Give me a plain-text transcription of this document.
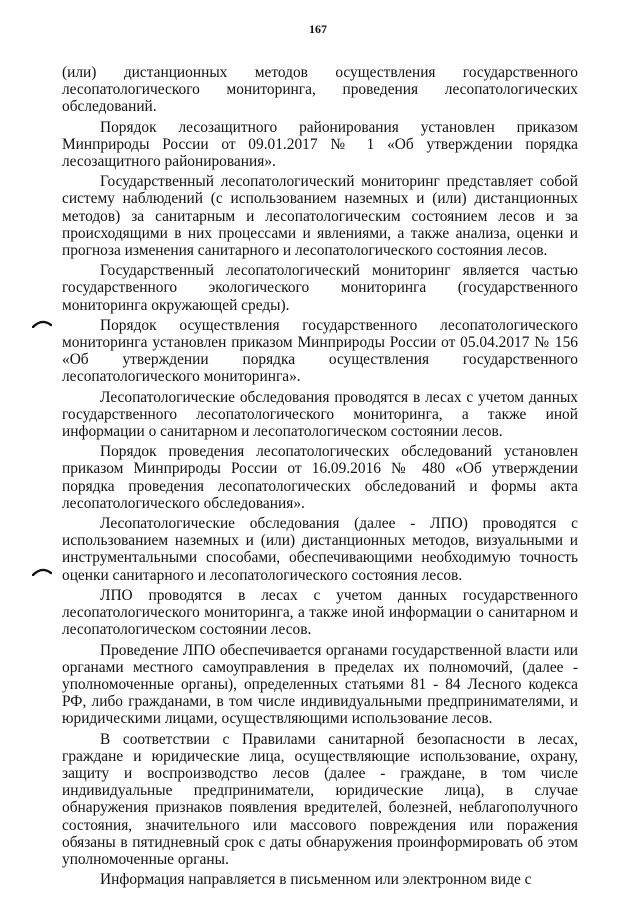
167

(или) дистанционных методов осуществления государственного лесопатологического мониторинга, проведения лесопатологических обследований.

Порядок лесозащитного районирования установлен приказом Минприроды России от 09.01.2017 № 1 «Об утверждении порядка лесозащитного районирования».

Государственный лесопатологический мониторинг представляет собой систему наблюдений (с использованием наземных и (или) дистанционных методов) за санитарным и лесопатологическим состоянием лесов и за происходящими в них процессами и явлениями, а также анализа, оценки и прогноза изменения санитарного и лесопатологического состояния лесов.

Государственный лесопатологический мониторинг является частью государственного экологического мониторинга (государственного мониторинга окружающей среды).

Порядок осуществления государственного лесопатологического мониторинга установлен приказом Минприроды России от 05.04.2017 № 156 «Об утверждении порядка осуществления государственного лесопатологического мониторинга».

Лесопатологические обследования проводятся в лесах с учетом данных государственного лесопатологического мониторинга, а также иной информации о санитарном и лесопатологическом состоянии лесов.

Порядок проведения лесопатологических обследований установлен приказом Минприроды России от 16.09.2016 № 480 «Об утверждении порядка проведения лесопатологических обследований и формы акта лесопатологического обследования».

Лесопатологические обследования (далее - ЛПО) проводятся с использованием наземных и (или) дистанционных методов, визуальными и инструментальными способами, обеспечивающими необходимую точность оценки санитарного и лесопатологического состояния лесов.

ЛПО проводятся в лесах с учетом данных государственного лесопатологического мониторинга, а также иной информации о санитарном и лесопатологическом состоянии лесов.

Проведение ЛПО обеспечивается органами государственной власти или органами местного самоуправления в пределах их полномочий, (далее - уполномоченные органы), определенных статьями 81 - 84 Лесного кодекса РФ, либо гражданами, в том числе индивидуальными предпринимателями, и юридическими лицами, осуществляющими использование лесов.

В соответствии с Правилами санитарной безопасности в лесах, граждане и юридические лица, осуществляющие использование, охрану, защиту и воспроизводство лесов (далее - граждане, в том числе индивидуальные предприниматели, юридические лица), в случае обнаружения признаков появления вредителей, болезней, неблагополучного состояния, значительного или массового повреждения или поражения обязаны в пятидневный срок с даты обнаружения проинформировать об этом уполномоченные органы.

Информация направляется в письменном или электронном виде с
